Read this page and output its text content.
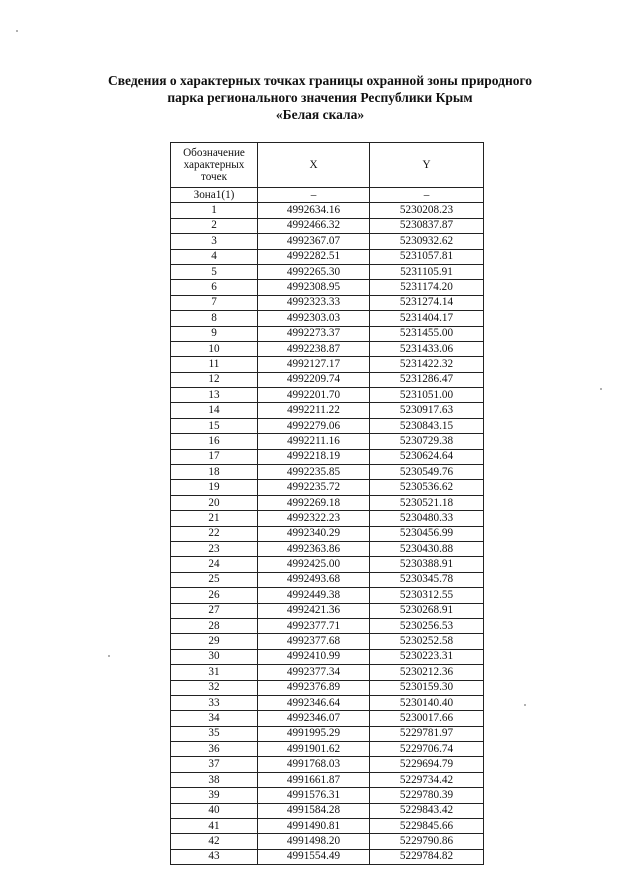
Сведения о характерных точках границы охранной зоны природного
парка регионального значения Республики Крым
«Белая скала»
Обозначение характерных точек	X	Y
Зона1(1)	–	–
1	4992634.16	5230208.23
2	4992466.32	5230837.87
3	4992367.07	5230932.62
4	4992282.51	5231057.81
5	4992265.30	5231105.91
6	4992308.95	5231174.20
7	4992323.33	5231274.14
8	4992303.03	5231404.17
9	4992273.37	5231455.00
10	4992238.87	5231433.06
11	4992127.17	5231422.32
12	4992209.74	5231286.47
13	4992201.70	5231051.00
14	4992211.22	5230917.63
15	4992279.06	5230843.15
16	4992211.16	5230729.38
17	4992218.19	5230624.64
18	4992235.85	5230549.76
19	4992235.72	5230536.62
20	4992269.18	5230521.18
21	4992322.23	5230480.33
22	4992340.29	5230456.99
23	4992363.86	5230430.88
24	4992425.00	5230388.91
25	4992493.68	5230345.78
26	4992449.38	5230312.55
27	4992421.36	5230268.91
28	4992377.71	5230256.53
29	4992377.68	5230252.58
30	4992410.99	5230223.31
31	4992377.34	5230212.36
32	4992376.89	5230159.30
33	4992346.64	5230140.40
34	4992346.07	5230017.66
35	4991995.29	5229781.97
36	4991901.62	5229706.74
37	4991768.03	5229694.79
38	4991661.87	5229734.42
39	4991576.31	5229780.39
40	4991584.28	5229843.42
41	4991490.81	5229845.66
42	4991498.20	5229790.86
43	4991554.49	5229784.82
